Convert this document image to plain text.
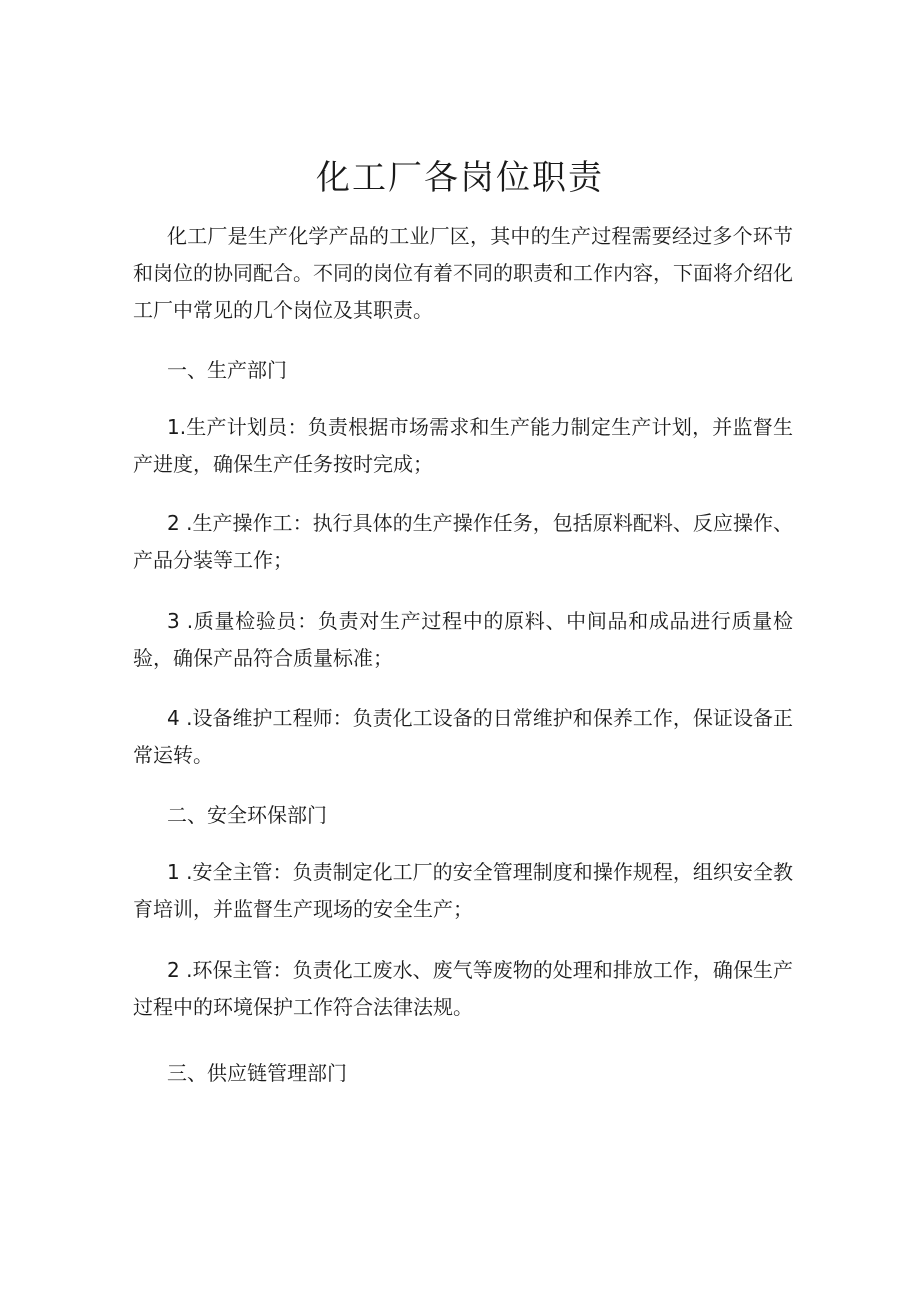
化工厂各岗位职责

化工厂是生产化学产品的工业厂区，其中的生产过程需要经过多个环节和岗位的协同配合。不同的岗位有着不同的职责和工作内容，下面将介绍化工厂中常见的几个岗位及其职责。

一、生产部门

1.生产计划员：负责根据市场需求和生产能力制定生产计划，并监督生产进度，确保生产任务按时完成；

2 .生产操作工：执行具体的生产操作任务，包括原料配料、反应操作、产品分装等工作；

3 .质量检验员：负责对生产过程中的原料、中间品和成品进行质量检验，确保产品符合质量标准；

4 .设备维护工程师：负责化工设备的日常维护和保养工作，保证设备正常运转。

二、安全环保部门

1 .安全主管：负责制定化工厂的安全管理制度和操作规程，组织安全教育培训，并监督生产现场的安全生产；

2 .环保主管：负责化工废水、废气等废物的处理和排放工作，确保生产过程中的环境保护工作符合法律法规。

三、供应链管理部门
